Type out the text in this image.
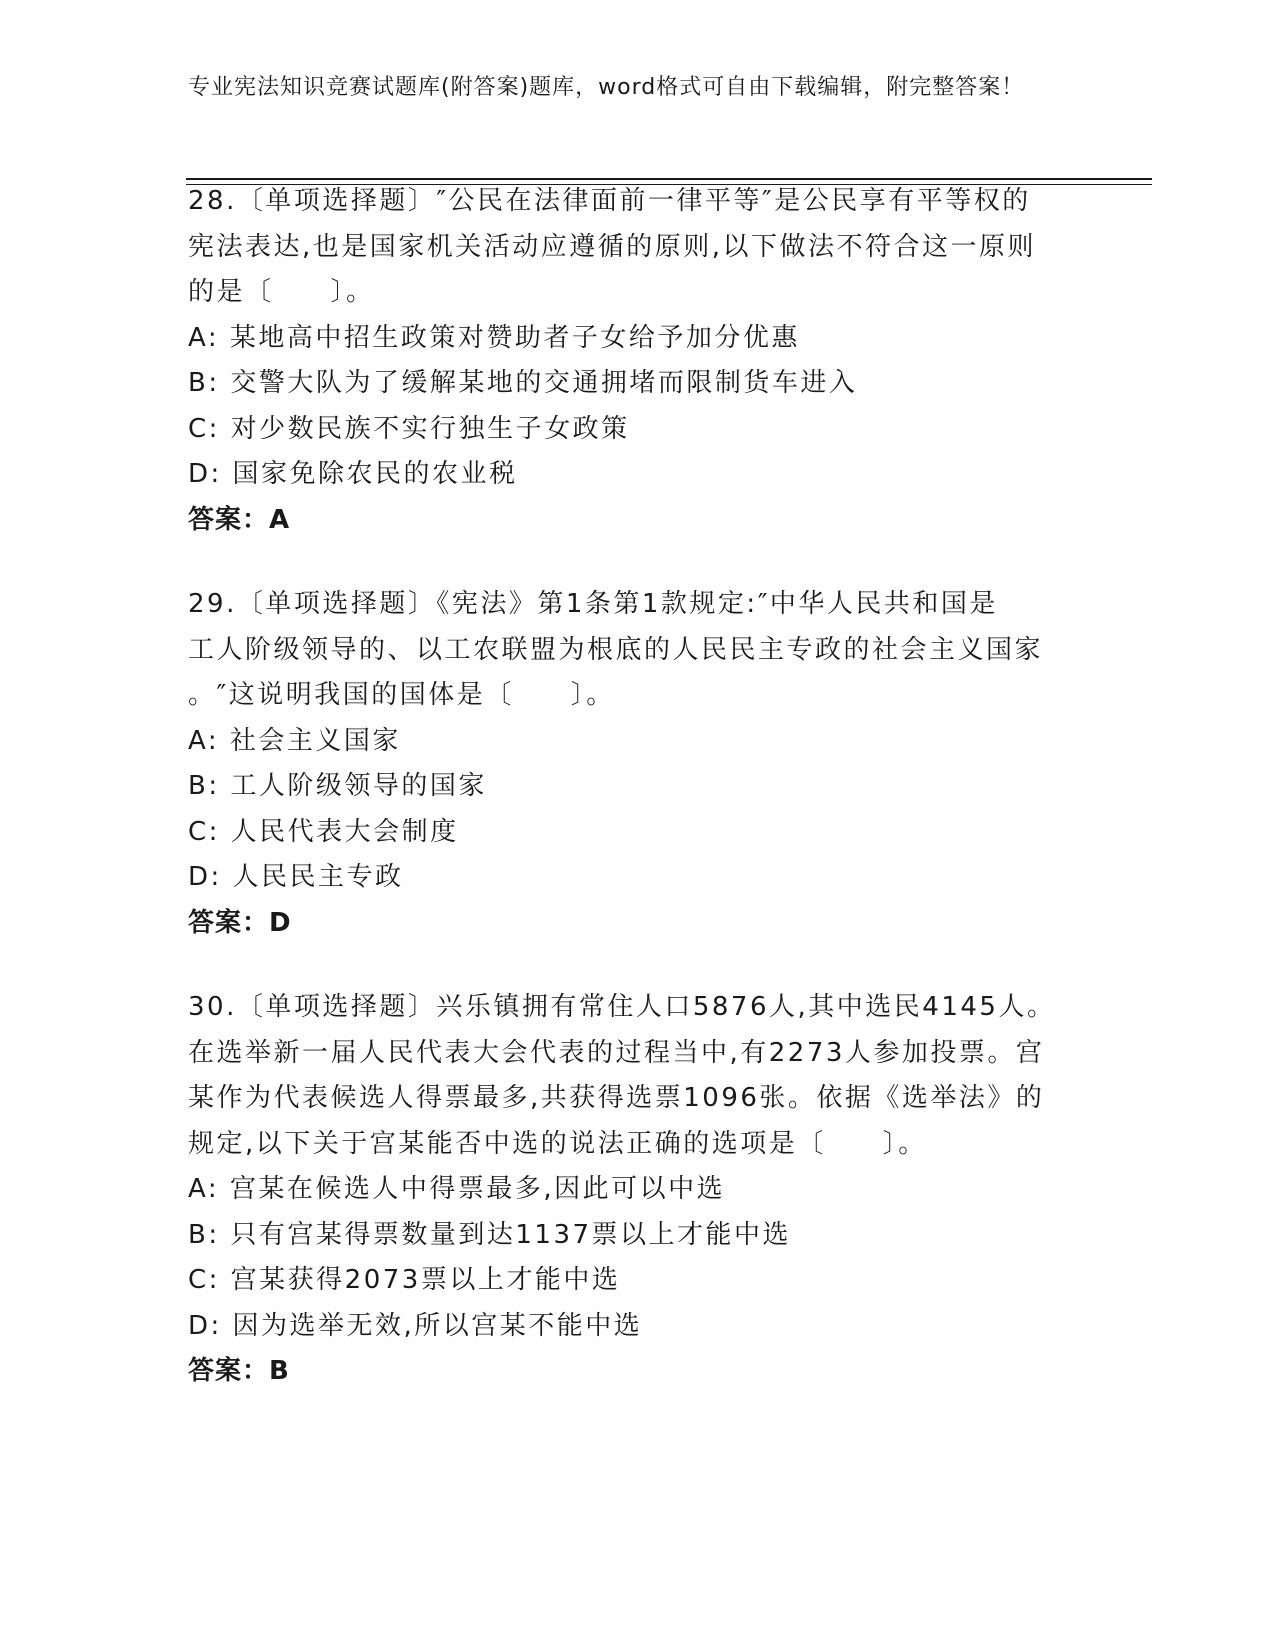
专业宪法知识竞赛试题库(附答案)题库，word格式可自由下载编辑，附完整答案！

28.〔单项选择题〕″公民在法律面前一律平等″是公民享有平等权的

宪法表达,也是国家机关活动应遵循的原则,以下做法不符合这一原则

的是〔　　〕。

A: 某地高中招生政策对赞助者子女给予加分优惠

B: 交警大队为了缓解某地的交通拥堵而限制货车进入

C: 对少数民族不实行独生子女政策

D: 国家免除农民的农业税

答案：A

29.〔单项选择题〕《宪法》第1条第1款规定:″中华人民共和国是

工人阶级领导的、以工农联盟为根底的人民民主专政的社会主义国家

。″这说明我国的国体是〔　　〕。

A: 社会主义国家

B: 工人阶级领导的国家

C: 人民代表大会制度

D: 人民民主专政

答案：D

30.〔单项选择题〕兴乐镇拥有常住人口5876人,其中选民4145人。

在选举新一届人民代表大会代表的过程当中,有2273人参加投票。宫

某作为代表候选人得票最多,共获得选票1096张。依据《选举法》的

规定,以下关于宫某能否中选的说法正确的选项是〔　　〕。

A: 宫某在候选人中得票最多,因此可以中选

B: 只有宫某得票数量到达1137票以上才能中选

C: 宫某获得2073票以上才能中选

D: 因为选举无效,所以宫某不能中选

答案：B
